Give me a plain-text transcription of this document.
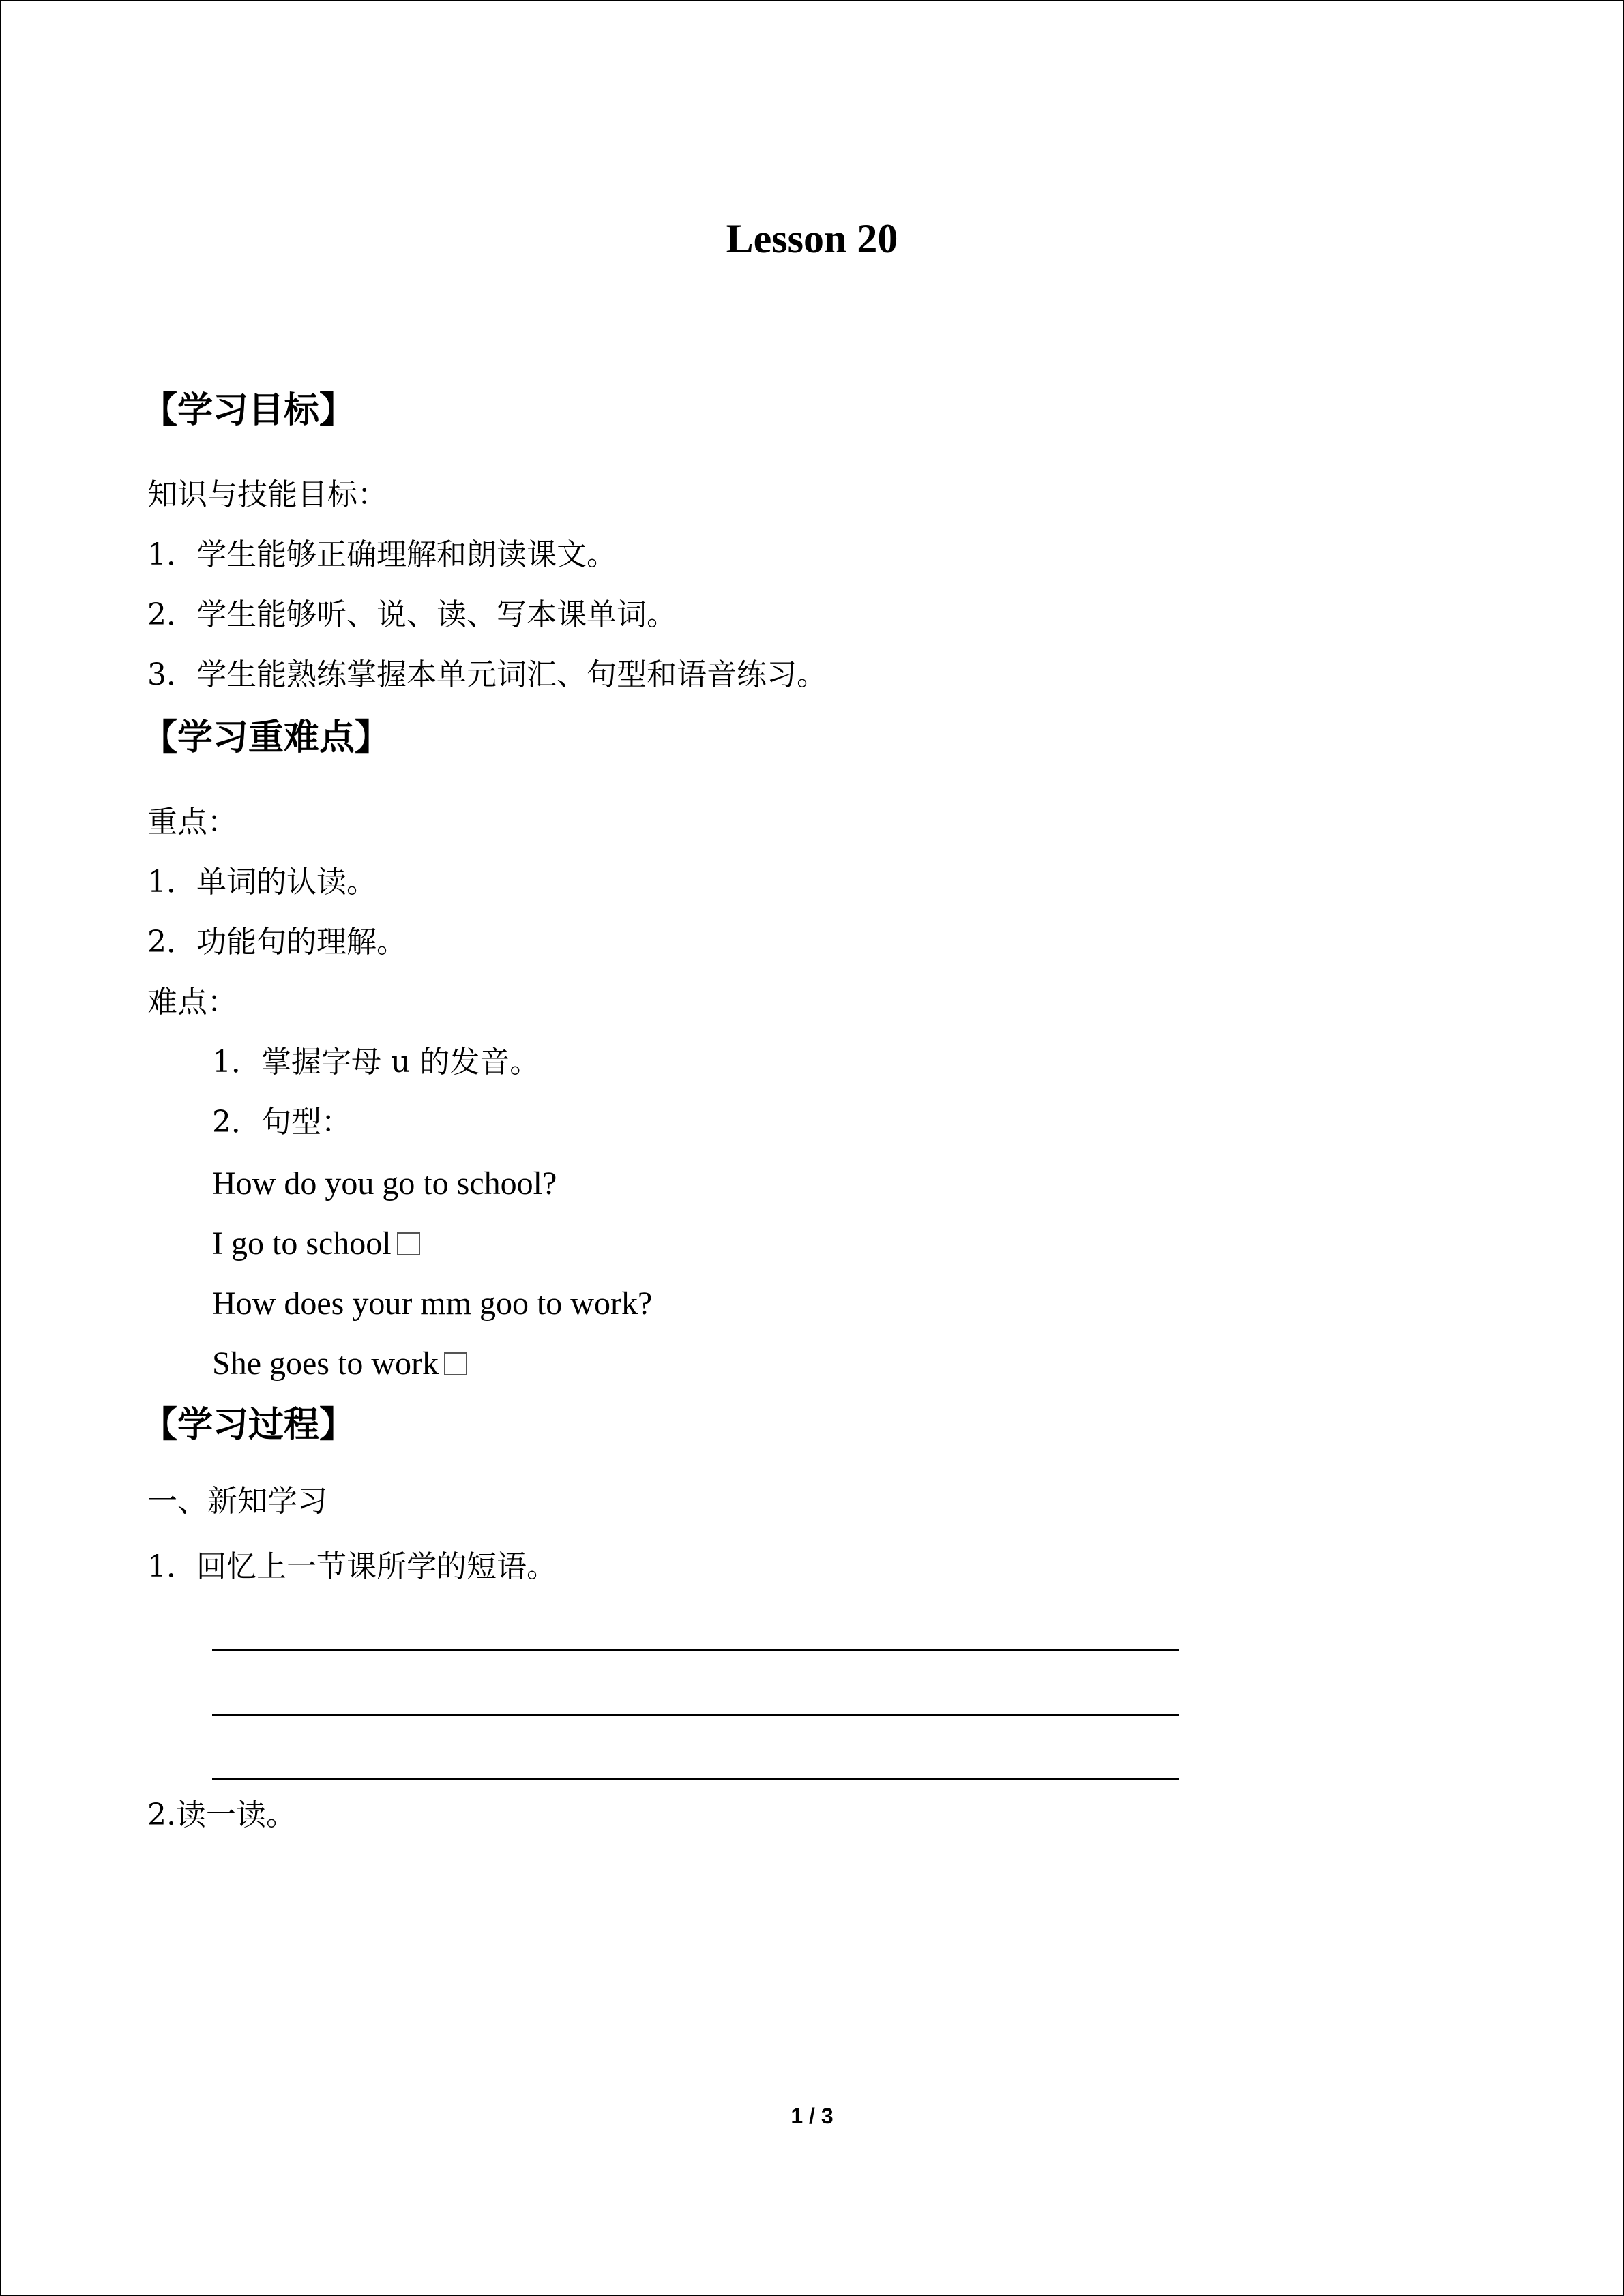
Lesson 20
【学习目标】
知识与技能目标：
1．学生能够正确理解和朗读课文。
2．学生能够听、说、读、写本课单词。
3．学生能熟练掌握本单元词汇、句型和语音练习。
【学习重难点】
重点：
1．单词的认读。
2．功能句的理解。
难点：
1．掌握字母 u 的发音。
2．句型：
How do you go to school?
I go to school
How does your mm goo to work?
She goes to work
【学习过程】
一、新知学习
1．回忆上一节课所学的短语。
2.读一读。
1 / 3
